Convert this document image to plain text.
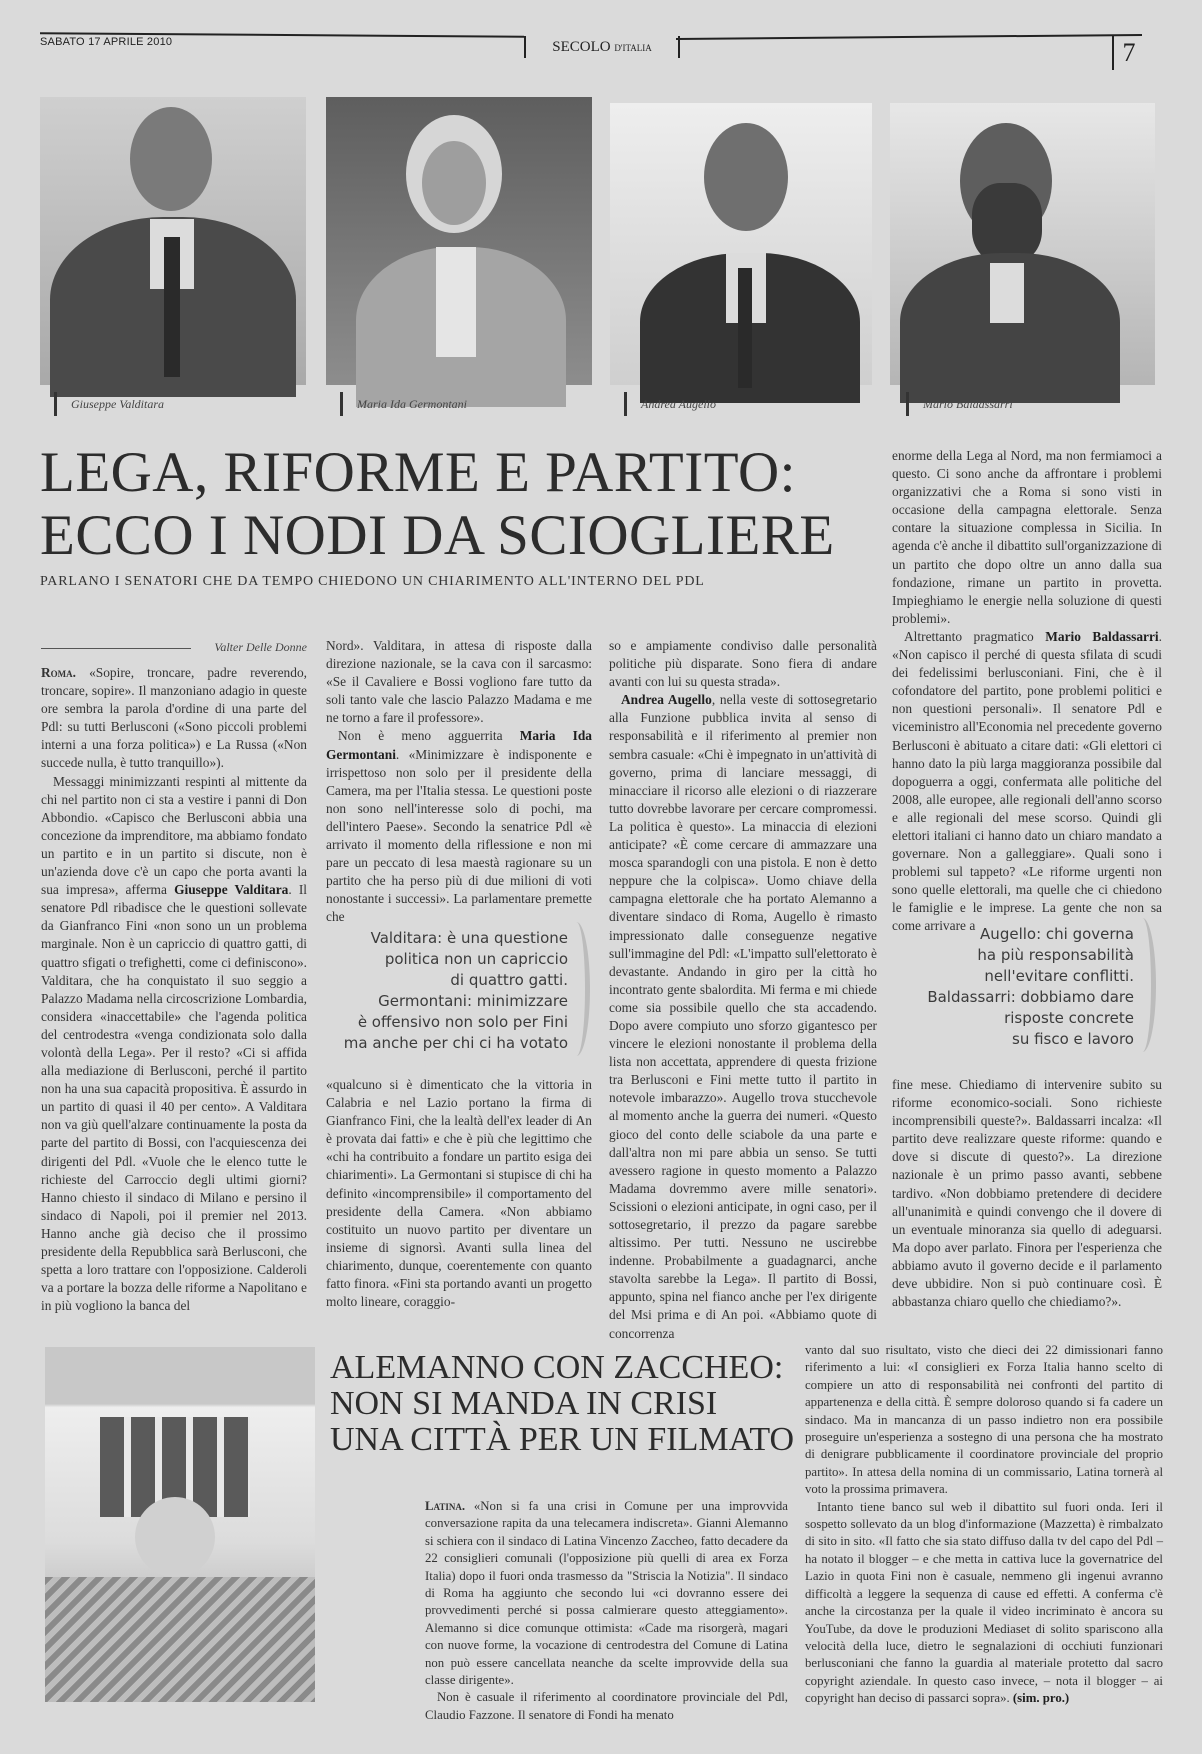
SABATO 17 APRILE 2010	SECOLO D'ITALIA	7
Giuseppe Valditara	Maria Ida Germontani	Andrea Augello	Mario Baldassarri
LEGA, RIFORME E PARTITO:
ECCO I NODI DA SCIOGLIERE
PARLANO I SENATORI CHE DA TEMPO CHIEDONO UN CHIARIMENTO ALL'INTERNO DEL PDL
Valter Delle Donne

Roma. «Sopire, troncare, padre reverendo, troncare, sopire». Il manzoniano adagio in queste ore sembra la parola d'ordine di una parte del Pdl: su tutti Berlusconi («Sono piccoli problemi interni a una forza politica») e La Russa («Non succede nulla, è tutto tranquillo»).

Messaggi minimizzanti respinti al mittente da chi nel partito non ci sta a vestire i panni di Don Abbondio. «Capisco che Berlusconi abbia una concezione da imprenditore, ma abbiamo fondato un partito e in un partito si discute, non è un'azienda dove c'è un capo che porta avanti la sua impresa», afferma Giuseppe Valditara. Il senatore Pdl ribadisce che le questioni sollevate da Gianfranco Fini «non sono un un problema marginale. Non è un capriccio di quattro gatti, di quattro sfigati o trefighetti, come ci definiscono». Valditara, che ha conquistato il suo seggio a Palazzo Madama nella circoscrizione Lombardia, considera «inaccettabile» che l'agenda politica del centrodestra «venga condizionata solo dalla volontà della Lega». Per il resto? «Ci si affida alla mediazione di Berlusconi, perché il partito non ha una sua capacità propositiva. È assurdo in un partito di quasi il 40 per cento». A Valditara non va giù quell'alzare continuamente la posta da parte del partito di Bossi, con l'acquiescenza dei dirigenti del Pdl. «Vuole che le elenco tutte le richieste del Carroccio degli ultimi giorni? Hanno chiesto il sindaco di Milano e persino il sindaco di Napoli, poi il premier nel 2013. Hanno anche già deciso che il prossimo presidente della Repubblica sarà Berlusconi, che spetta a loro trattare con l'opposizione. Calderoli va a portare la bozza delle riforme a Napolitano e in più vogliono la banca del

Nord». Valditara, in attesa di risposte dalla direzione nazionale, se la cava con il sarcasmo: «Se il Cavaliere e Bossi vogliono fare tutto da soli tanto vale che lascio Palazzo Madama e me ne torno a fare il professore».

Non è meno agguerrita Maria Ida Germontani. «Minimizzare è indisponente e irrispettoso non solo per il presidente della Camera, ma per l'Italia stessa. Le questioni poste non sono nell'interesse solo di pochi, ma dell'intero Paese». Secondo la senatrice Pdl «è arrivato il momento della riflessione e non mi pare un peccato di lesa maestà ragionare su un partito che ha perso più di due milioni di voti nonostante i successi». La parlamentare premette che

«qualcuno si è dimenticato che la vittoria in Calabria e nel Lazio portano la firma di Gianfranco Fini, che la lealtà dell'ex leader di An è provata dai fatti» e che è più che legittimo che «chi ha contribuito a fondare un partito esiga dei chiarimenti». La Germontani si stupisce di chi ha definito «incomprensibile» il comportamento del presidente della Camera. «Non abbiamo costituito un nuovo partito per diventare un insieme di signorsì. Avanti sulla linea del chiarimento, dunque, coerentemente con quanto fatto finora. «Fini sta portando avanti un progetto molto lineare, coraggio-

so e ampiamente condiviso dalle personalità politiche più disparate. Sono fiera di andare avanti con lui su questa strada».

Andrea Augello, nella veste di sottosegretario alla Funzione pubblica invita al senso di responsabilità e il riferimento al premier non sembra casuale: «Chi è impegnato in un'attività di governo, prima di lanciare messaggi, di minacciare il ricorso alle elezioni o di riazzerare tutto dovrebbe lavorare per cercare compromessi. La politica è questo». La minaccia di elezioni anticipate? «È come cercare di ammazzare una mosca sparandogli con una pistola. E non è detto neppure che la colpisca». Uomo chiave della campagna elettorale che ha portato Alemanno a diventare sindaco di Roma, Augello è rimasto impressionato dalle conseguenze negative sull'immagine del Pdl: «L'impatto sull'elettorato è devastante. Andando in giro per la città ho incontrato gente sbalordita. Mi ferma e mi chiede come sia possibile quello che sta accadendo. Dopo avere compiuto uno sforzo gigantesco per vincere le elezioni nonostante il problema della lista non accettata, apprendere di questa frizione tra Berlusconi e Fini mette tutto il partito in notevole imbarazzo». Augello trova stucchevole al momento anche la guerra dei numeri. «Questo gioco del conto delle sciabole da una parte e dall'altra non mi pare abbia un senso. Se tutti avessero ragione in questo momento a Palazzo Madama dovremmo avere mille senatori». Scissioni o elezioni anticipate, in ogni caso, per il sottosegretario, il prezzo da pagare sarebbe altissimo. Per tutti. Nessuno ne uscirebbe indenne. Probabilmente a guadagnarci, anche stavolta sarebbe la Lega». Il partito di Bossi, appunto, spina nel fianco anche per l'ex dirigente del Msi prima e di An poi. «Abbiamo quote di concorrenza

enorme della Lega al Nord, ma non fermiamoci a questo. Ci sono anche da affrontare i problemi organizzativi che a Roma si sono visti in occasione della campagna elettorale. Senza contare la situazione complessa in Sicilia. In agenda c'è anche il dibattito sull'organizzazione di un partito che dopo oltre un anno dalla sua fondazione, rimane un partito in provetta. Impieghiamo le energie nella soluzione di questi problemi».

Altrettanto pragmatico Mario Baldassarri. «Non capisco il perché di questa sfilata di scudi dei fedelissimi berlusconiani. Fini, che è il cofondatore del partito, pone problemi politici e non questioni personali». Il senatore Pdl e viceministro all'Economia nel precedente governo Berlusconi è abituato a citare dati: «Gli elettori ci hanno dato la più larga maggioranza possibile dal dopoguerra a oggi, confermata alle politiche del 2008, alle europee, alle regionali dell'anno scorso e alle regionali del mese scorso. Quindi gli elettori italiani ci hanno dato un chiaro mandato a governare. Non a galleggiare». Quali sono i problemi sul tappeto? «Le riforme urgenti non sono quelle elettorali, ma quelle che ci chiedono le famiglie e le imprese. La gente che non sa come arrivare a

fine mese. Chiediamo di intervenire subito su riforme economico-sociali. Sono richieste incomprensibili queste?». Baldassarri incalza: «Il partito deve realizzare queste riforme: quando e dove si discute di questo?». La direzione nazionale è un primo passo avanti, sebbene tardivo. «Non dobbiamo pretendere di decidere all'unanimità e quindi convengo che il dovere di un eventuale minoranza sia quello di adeguarsi. Ma dopo aver parlato. Finora per l'esperienza che abbiamo avuto il governo decide e il parlamento deve ubbidire. Non si può continuare così. È abbastanza chiaro quello che chiediamo?».

Valditara: è una questione
politica non un capriccio
di quattro gatti.
Germontani: minimizzare
è offensivo non solo per Fini
ma anche per chi ci ha votato
Augello: chi governa
ha più responsabilità
nell'evitare conflitti.
Baldassarri: dobbiamo dare
risposte concrete
su fisco e lavoro
ALEMANNO CON ZACCHEO:
NON SI MANDA IN CRISI
UNA CITTÀ PER UN FILMATO

Latina. «Non si fa una crisi in Comune per una improvvida conversazione rapita da una telecamera indiscreta». Gianni Alemanno si schiera con il sindaco di Latina Vincenzo Zaccheo, fatto decadere da 22 consiglieri comunali (l'opposizione più quelli di area ex Forza Italia) dopo il fuori onda trasmesso da "Striscia la Notizia". Il sindaco di Roma ha aggiunto che secondo lui «ci dovranno essere dei provvedimenti perché si possa calmierare questo atteggiamento». Alemanno si dice comunque ottimista: «Cade ma risorgerà, magari con nuove forme, la vocazione di centrodestra del Comune di Latina non può essere cancellata neanche da scelte improvvide della sua classe dirigente».

Non è casuale il riferimento al coordinatore provinciale del Pdl, Claudio Fazzone. Il senatore di Fondi ha menato

vanto dal suo risultato, visto che dieci dei 22 dimissionari fanno riferimento a lui: «I consiglieri ex Forza Italia hanno scelto di compiere un atto di responsabilità nei confronti del partito di appartenenza e della città. È sempre doloroso quando si fa cadere un sindaco. Ma in mancanza di un passo indietro non era possibile proseguire un'esperienza a sostegno di una persona che ha mostrato di denigrare pubblicamente il coordinatore provinciale del proprio partito». In attesa della nomina di un commissario, Latina tornerà al voto la prossima primavera.

Intanto tiene banco sul web il dibattito sul fuori onda. Ieri il sospetto sollevato da un blog d'informazione (Mazzetta) è rimbalzato di sito in sito. «Il fatto che sia stato diffuso dalla tv del capo del Pdl – ha notato il blogger – e che metta in cattiva luce la governatrice del Lazio in quota Fini non è casuale, nemmeno gli ingenui avranno difficoltà a leggere la sequenza di cause ed effetti. A conferma c'è anche la circostanza per la quale il video incriminato è ancora su YouTube, da dove le produzioni Mediaset di solito spariscono alla velocità della luce, dietro le segnalazioni di occhiuti funzionari berlusconiani che fanno la guardia al materiale protetto dal sacro copyright aziendale. In questo caso invece, – nota il blogger – ai copyright han deciso di passarci sopra». (sim. pro.)
